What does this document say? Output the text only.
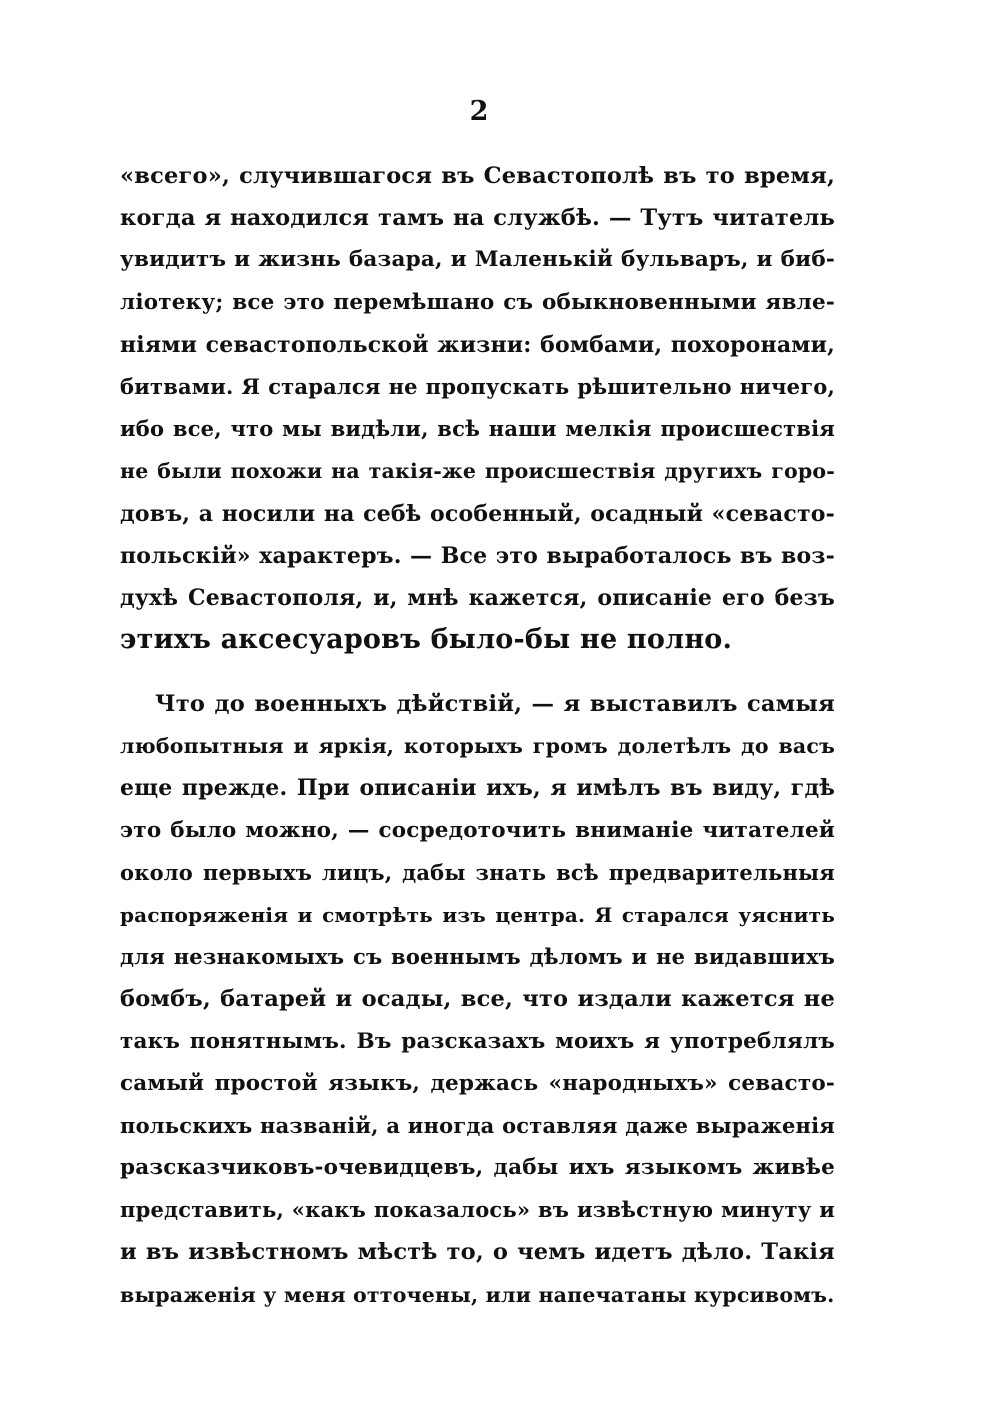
2
«всего», случившагося въ Севастополѣ въ то время,
когда я находился тамъ на службѣ. — Тутъ читатель
увидитъ и жизнь базара, и Маленькiй бульваръ, и биб-
лiотеку; все это перемѣшано съ обыкновенными явле-
нiями севастопольской жизни: бомбами, похоронами,
битвами. Я старался не пропускать рѣшительно ничего,
ибо все, что мы видѣли, всѣ наши мелкiя происшествiя
не были похожи на такiя-же происшествiя другихъ горо-
довъ, а носили на себѣ особенный, осадный «севасто-
польскiй» характеръ. — Все это выработалось въ воз-
духѣ Севастополя, и, мнѣ кажется, описанiе его безъ
этихъ аксесуаровъ было-бы не полно.
Что до военныхъ дѣйствiй, — я выставилъ самыя
любопытныя и яркiя, которыхъ громъ долетѣлъ до васъ
еще прежде. При описанiи ихъ, я имѣлъ въ виду, гдѣ
это было можно, — сосредоточить вниманiе читателей
около первыхъ лицъ, дабы знать всѣ предварительныя
распоряженiя и смотрѣть изъ центра. Я старался уяснить
для незнакомыхъ съ военнымъ дѣломъ и не видавшихъ
бомбъ, батарей и осады, все, что издали кажется не
такъ понятнымъ. Въ разсказахъ моихъ я употреблялъ
самый простой языкъ, держась «народныхъ» севасто-
польскихъ названiй, а иногда оставляя даже выраженiя
разсказчиковъ-очевидцевъ, дабы ихъ языкомъ живѣе
представить, «какъ показалось» въ извѣстную минуту и
и въ извѣстномъ мѣстѣ то, о чемъ идетъ дѣло. Такiя
выраженiя у меня отточены, или напечатаны курсивомъ.
